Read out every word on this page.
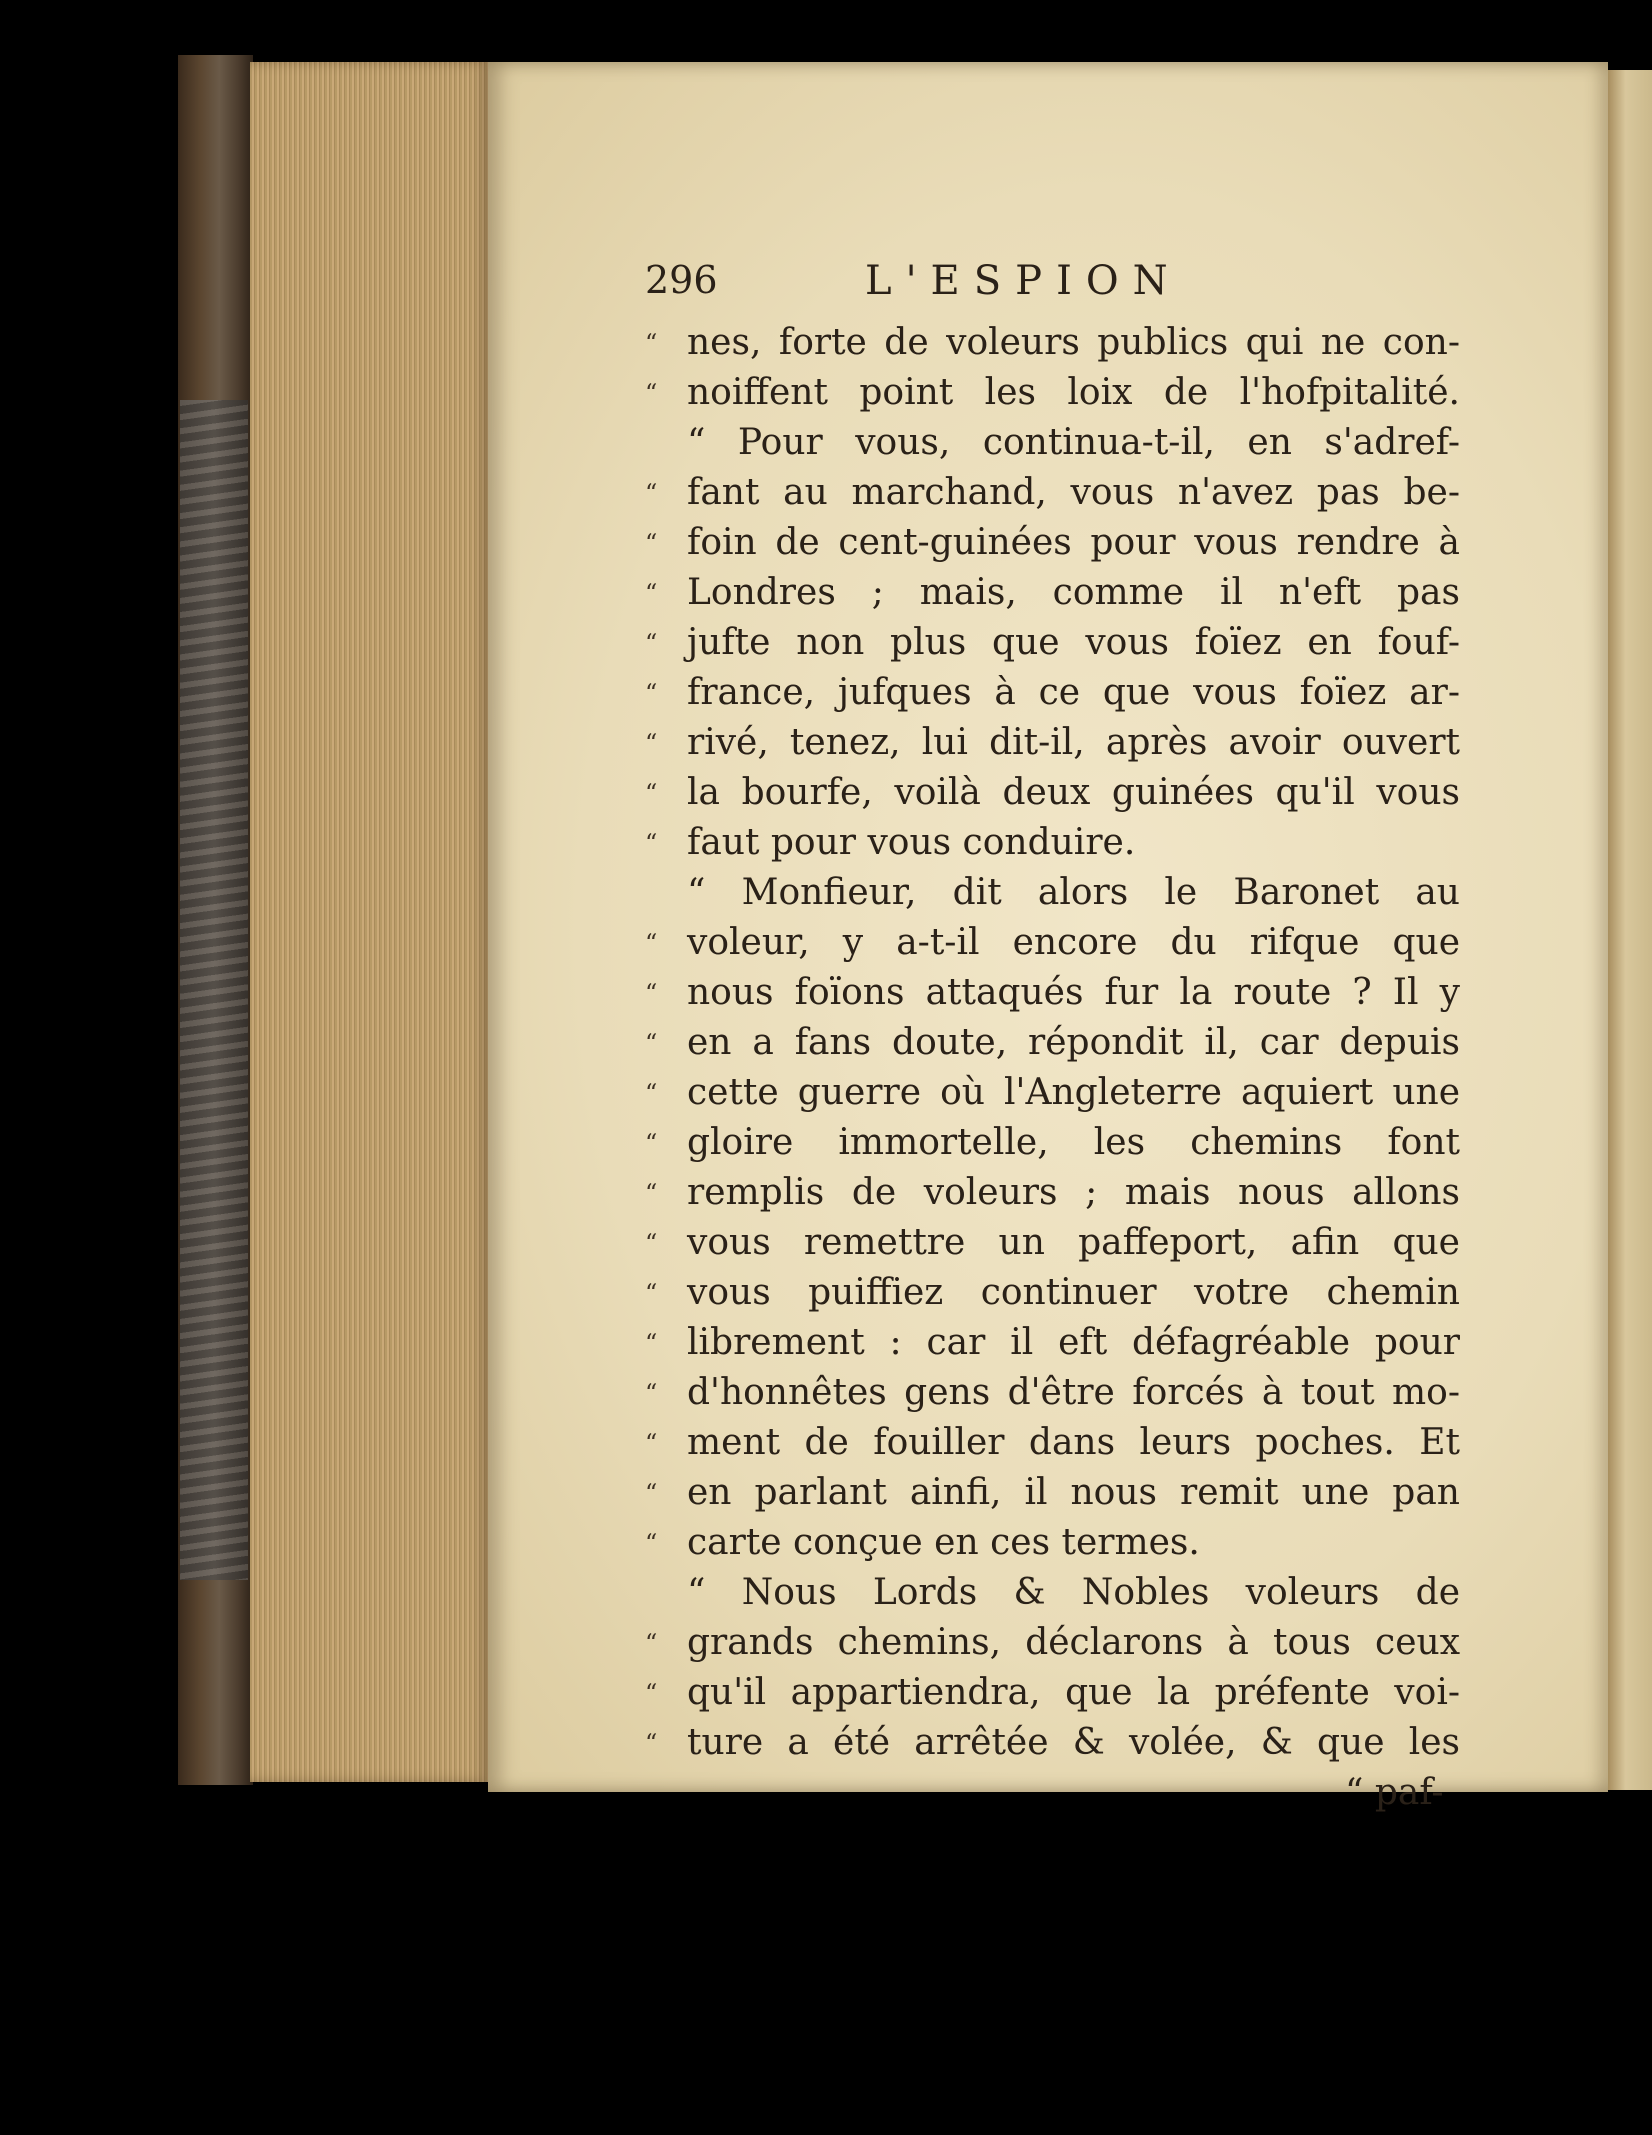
296	L'ESPION
“ nes, forte de voleurs publics qui ne con-
“ noiffent point les loix de l'hofpitalité.
“ Pour vous, continua-t-il, en s'adref-
“ fant au marchand, vous n'avez pas be-
“ foin de cent-guinées pour vous rendre à
“ Londres ; mais, comme il n'eft pas
“ jufte non plus que vous foïez en fouf-
“ france, jufques à ce que vous foïez ar-
“ rivé, tenez, lui dit-il, après avoir ouvert
“ la bourfe, voilà deux guinées qu'il vous
“ faut pour vous conduire.
“ Monfieur, dit alors le Baronet au
“ voleur, y a-t-il encore du rifque que
“ nous foïons attaqués fur la route ? Il y
“ en a fans doute, répondit il, car depuis
“ cette guerre où l'Angleterre aquiert une
“ gloire immortelle, les chemins font
“ remplis de voleurs ; mais nous allons
“ vous remettre un paffeport, afin que
“ vous puiffiez continuer votre chemin
“ librement : car il eft défagréable pour
“ d'honnêtes gens d'être forcés à tout mo-
“ ment de fouiller dans leurs poches. Et
“ en parlant ainfi, il nous remit une pan
“ carte conçue en ces termes.
“ Nous Lords & Nobles voleurs de
“ grands chemins, déclarons à tous ceux
“ qu'il appartiendra, que la préfente voi-
“ ture a été arrêtée & volée, & que les
“ paf-
